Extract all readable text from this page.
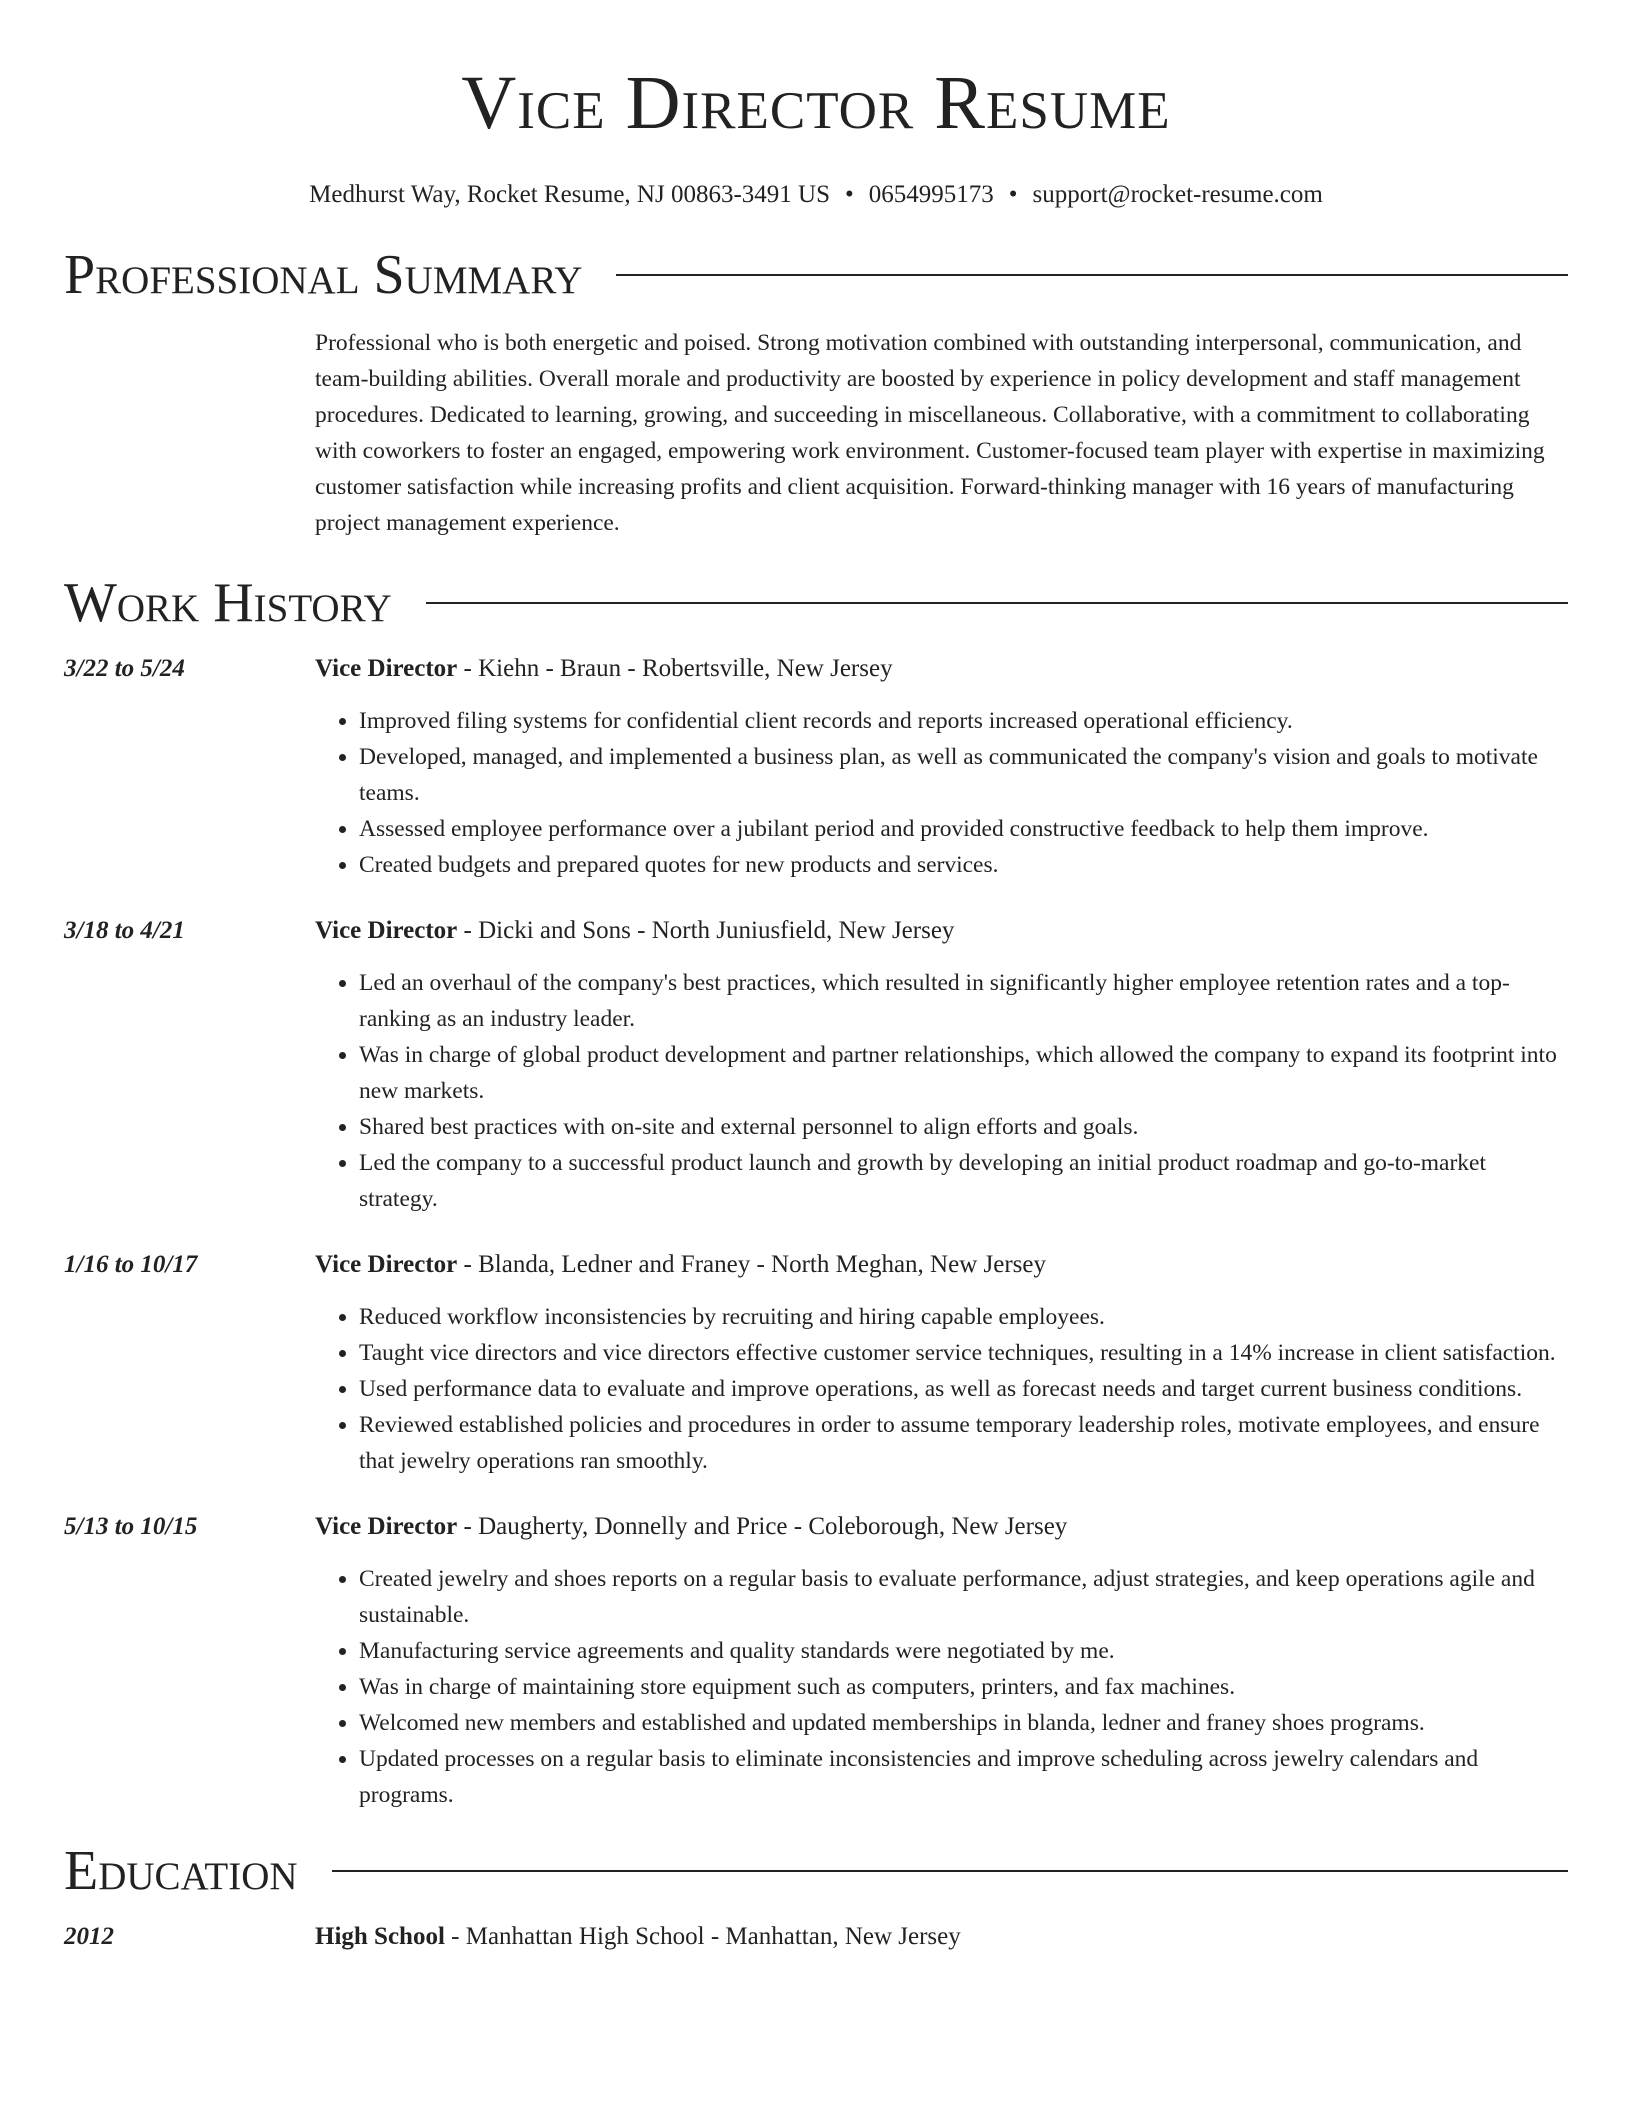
Vice Director Resume
Medhurst Way, Rocket Resume, NJ 00863-3491 US • 0654995173 • support@rocket-resume.com
Professional Summary
Professional who is both energetic and poised. Strong motivation combined with outstanding interpersonal, communication, and team-building abilities. Overall morale and productivity are boosted by experience in policy development and staff management procedures. Dedicated to learning, growing, and succeeding in miscellaneous. Collaborative, with a commitment to collaborating with coworkers to foster an engaged, empowering work environment. Customer-focused team player with expertise in maximizing customer satisfaction while increasing profits and client acquisition. Forward-thinking manager with 16 years of manufacturing project management experience.
Work History
3/22 to 5/24	Vice Director - Kiehn - Braun - Robertsville, New Jersey
• Improved filing systems for confidential client records and reports increased operational efficiency.
• Developed, managed, and implemented a business plan, as well as communicated the company's vision and goals to motivate teams.
• Assessed employee performance over a jubilant period and provided constructive feedback to help them improve.
• Created budgets and prepared quotes for new products and services.
3/18 to 4/21	Vice Director - Dicki and Sons - North Juniusfield, New Jersey
• Led an overhaul of the company's best practices, which resulted in significantly higher employee retention rates and a top-ranking as an industry leader.
• Was in charge of global product development and partner relationships, which allowed the company to expand its footprint into new markets.
• Shared best practices with on-site and external personnel to align efforts and goals.
• Led the company to a successful product launch and growth by developing an initial product roadmap and go-to-market strategy.
1/16 to 10/17	Vice Director - Blanda, Ledner and Franey - North Meghan, New Jersey
• Reduced workflow inconsistencies by recruiting and hiring capable employees.
• Taught vice directors and vice directors effective customer service techniques, resulting in a 14% increase in client satisfaction.
• Used performance data to evaluate and improve operations, as well as forecast needs and target current business conditions.
• Reviewed established policies and procedures in order to assume temporary leadership roles, motivate employees, and ensure that jewelry operations ran smoothly.
5/13 to 10/15	Vice Director - Daugherty, Donnelly and Price - Coleborough, New Jersey
• Created jewelry and shoes reports on a regular basis to evaluate performance, adjust strategies, and keep operations agile and sustainable.
• Manufacturing service agreements and quality standards were negotiated by me.
• Was in charge of maintaining store equipment such as computers, printers, and fax machines.
• Welcomed new members and established and updated memberships in blanda, ledner and franey shoes programs.
• Updated processes on a regular basis to eliminate inconsistencies and improve scheduling across jewelry calendars and programs.
Education
2012	High School - Manhattan High School - Manhattan, New Jersey
